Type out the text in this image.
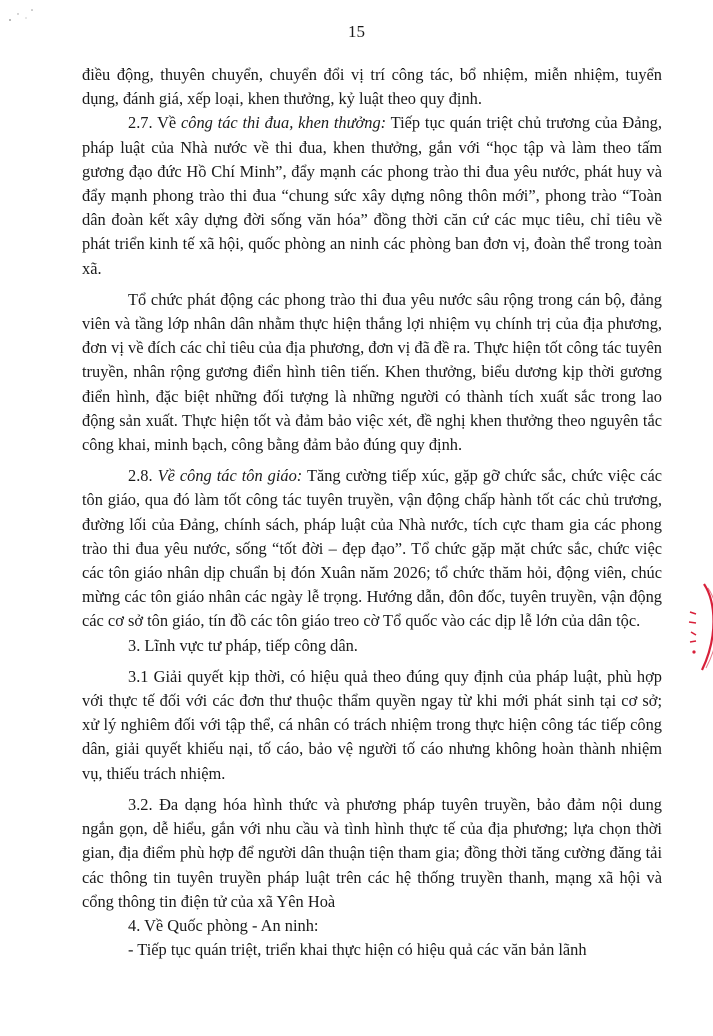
15

điều động, thuyên chuyển, chuyển đổi vị trí công tác, bổ nhiệm, miễn nhiệm, tuyển dụng, đánh giá, xếp loại, khen thưởng, kỷ luật theo quy định.

2.7. Về công tác thi đua, khen thưởng: Tiếp tục quán triệt chủ trương của Đảng, pháp luật của Nhà nước về thi đua, khen thưởng, gắn với “học tập và làm theo tấm gương đạo đức Hồ Chí Minh”, đẩy mạnh các phong trào thi đua yêu nước, phát huy và đẩy mạnh phong trào thi đua “chung sức xây dựng nông thôn mới”, phong trào “Toàn dân đoàn kết xây dựng đời sống văn hóa” đồng thời căn cứ các mục tiêu, chỉ tiêu về phát triển kinh tế xã hội, quốc phòng an ninh các phòng ban đơn vị, đoàn thể trong toàn xã.

Tổ chức phát động các phong trào thi đua yêu nước sâu rộng trong cán bộ, đảng viên và tầng lớp nhân dân nhằm thực hiện thắng lợi nhiệm vụ chính trị của địa phương, đơn vị về đích các chỉ tiêu của địa phương, đơn vị đã đề ra. Thực hiện tốt công tác tuyên truyền, nhân rộng gương điển hình tiên tiến. Khen thưởng, biểu dương kịp thời gương điển hình, đặc biệt những đối tượng là những người có thành tích xuất sắc trong lao động sản xuất. Thực hiện tốt và đảm bảo việc xét, đề nghị khen thưởng theo nguyên tắc công khai, minh bạch, công bằng đảm bảo đúng quy định.

2.8. Về công tác tôn giáo: Tăng cường tiếp xúc, gặp gỡ chức sắc, chức việc các tôn giáo, qua đó làm tốt công tác tuyên truyền, vận động chấp hành tốt các chủ trương, đường lối của Đảng, chính sách, pháp luật của Nhà nước, tích cực tham gia các phong trào thi đua yêu nước, sống “tốt đời – đẹp đạo”. Tổ chức gặp mặt chức sắc, chức việc các tôn giáo nhân dịp chuẩn bị đón Xuân năm 2026; tổ chức thăm hỏi, động viên, chúc mừng các tôn giáo nhân các ngày lễ trọng. Hướng dẫn, đôn đốc, tuyên truyền, vận động các cơ sở tôn giáo, tín đồ các tôn giáo treo cờ Tổ quốc vào các dịp lễ lớn của dân tộc.

3. Lĩnh vực tư pháp, tiếp công dân.

3.1 Giải quyết kịp thời, có hiệu quả theo đúng quy định của pháp luật, phù hợp với thực tế đối với các đơn thư thuộc thẩm quyền ngay từ khi mới phát sinh tại cơ sở; xử lý nghiêm đối với tập thể, cá nhân có trách nhiệm trong thực hiện công tác tiếp công dân, giải quyết khiếu nại, tố cáo, bảo vệ người tố cáo nhưng không hoàn thành nhiệm vụ, thiếu trách nhiệm.

3.2. Đa dạng hóa hình thức và phương pháp tuyên truyền, bảo đảm nội dung ngắn gọn, dễ hiểu, gắn với nhu cầu và tình hình thực tế của địa phương; lựa chọn thời gian, địa điểm phù hợp để người dân thuận tiện tham gia; đồng thời tăng cường đăng tải các thông tin tuyên truyền pháp luật trên các hệ thống truyền thanh, mạng xã hội và cổng thông tin điện tử của xã Yên Hoà

4. Về Quốc phòng - An ninh:

- Tiếp tục quán triệt, triển khai thực hiện có hiệu quả các văn bản lãnh
